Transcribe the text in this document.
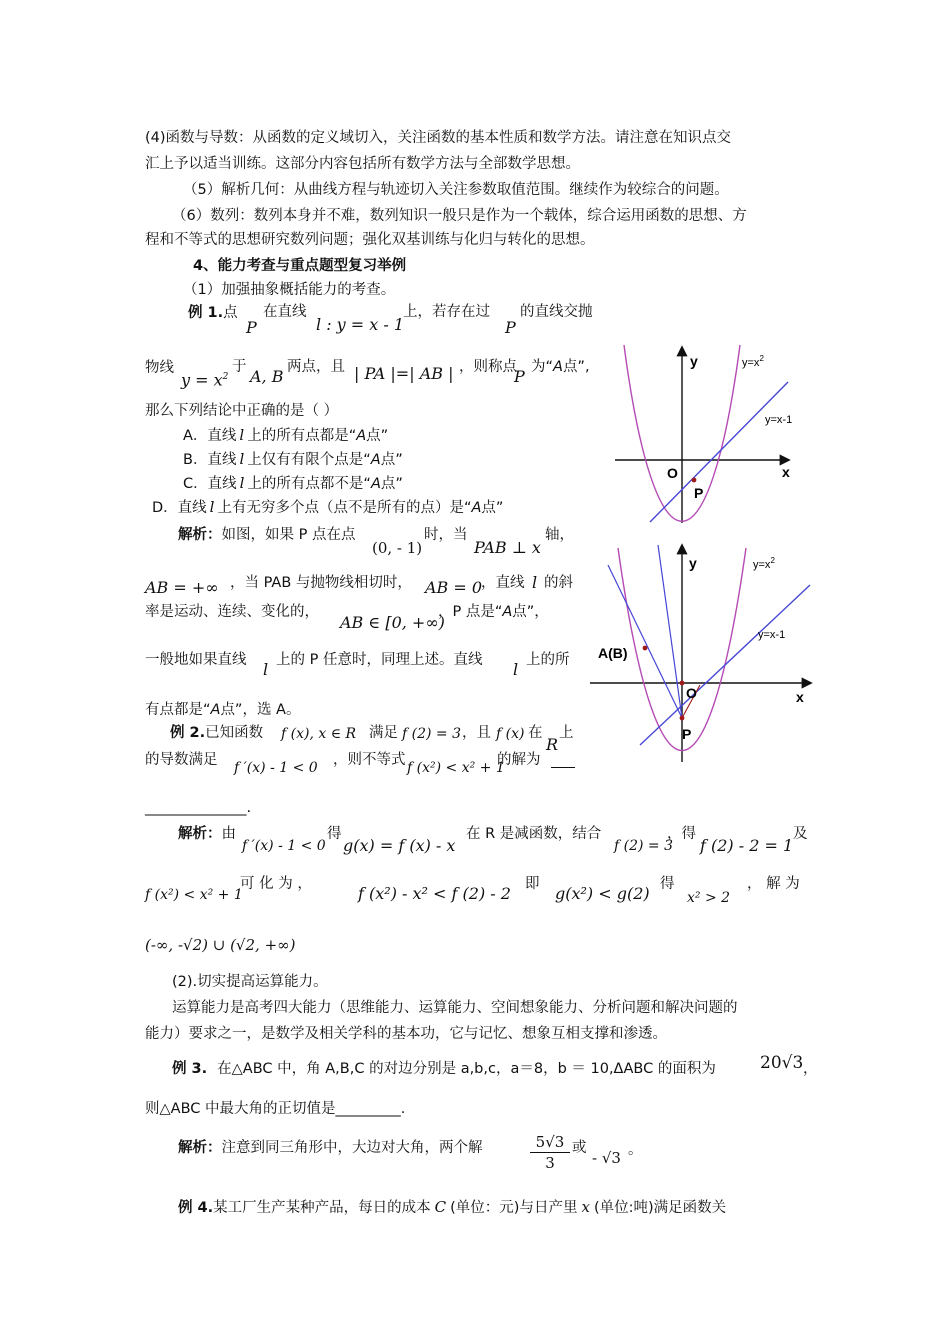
(4)函数与导数：从函数的定义域切入，关注函数的基本性质和数学方法。请注意在知识点交
汇上予以适当训练。这部分内容包括所有数学方法与全部数学思想。
（5）解析几何：从曲线方程与轨迹切入关注参数取值范围。继续作为较综合的问题。
（6）数列：数列本身并不难，数列知识一般只是作为一个载体，综合运用函数的思想、方
程和不等式的思想研究数列问题；强化双基训练与化归与转化的思想。
4、能力考查与重点题型复习举例
（1）加强抽象概括能力的考查。
例 1.点
P
在直线
l : y = x - 1
上，若存在过
P
的直线交抛
物线
$y = x^2$
于 A, B 两点，且 | PA |=| AB | ，则称点
P 为“A点”,
那么下列结论中正确的是（ ）
A．直线 l 上的所有点都是“A点”
B．直线 l 上仅有有限个点是“A点”
C．直线 l 上的所有点都不是“A点”
D．直线 l 上有无穷多个点（点不是所有的点）是“A点”
解析：如图，如果 P 点在点
(0, - 1)
时，当
PAB ⊥ x
轴，
AB = +∞ ，当 PAB 与抛物线相切时， AB = 0
，直线 l 的斜
率是运动、连续、变化的，
AB ∈ [0, +∞)
，P 点是“A点”，
一般地如果直线 l 上的 P 任意时，同理上述。直线 l 上的所
有点都是“A点”，选 A。
例 2.已知函数 f (x), x ∈ R 满足 f (2) = 3 ，且 f (x) 在
R
上
的导数满足 f ′(x) - 1 < 0 ，则不等式 f (x²) < x² + 1
的解为
______________.
解析：由
f ′(x) - 1 < 0
得
g(x) = f (x) - x
在 R 是减函数，结合
f (2) = 3
，得
f (2) - 2 = 1
及
f (x²) < x² + 1
可 化 为 ，	f (x²) - x² < f (2) - 2 即 g(x²) < g(2) 得
x² > 2
， 解 为
(-∞, -√2) ∪ (√2, +∞)
(2).切实提高运算能力。
运算能力是高考四大能力（思维能力、运算能力、空间想象能力、分析问题和解决问题的
能力）要求之一，是数学及相关学科的基本功，它与记忆、想象互相支撑和渗透。
例 3. 在△ABC 中，角 A,B,C 的对边分别是 a,b,c，a＝8，b ＝ 10,ΔABC 的面积为	20√3 ，
则△ABC 中最大角的正切值是_________.
解析：注意到同三角形中，大边对大角，两个解	$\frac{5√3}{3}$ 或
- √3 。
例 4.某工厂生产某种产品，每日的成本 C (单位：元)与日产里 x (单位:吨)满足函数关
y
x
O
P
$y=x^2$
y=x-1
y
x
O
P
A(B)
$y=x^2$
y=x-1
